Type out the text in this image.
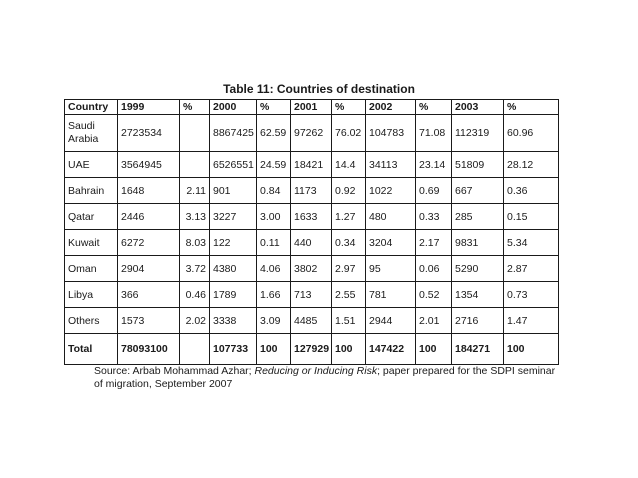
Table 11: Countries of destination
Country	1999	%	2000	%	2001	%	2002	%	2003	%
Saudi Arabia	2723534		8867425	62.59	97262	76.02	104783	71.08	112319	60.96
UAE	3564945		6526551	24.59	18421	14.4	34113	23.14	51809	28.12
Bahrain	1648	2.11	901	0.84	1173	0.92	1022	0.69	667	0.36
Qatar	2446	3.13	3227	3.00	1633	1.27	480	0.33	285	0.15
Kuwait	6272	8.03	122	0.11	440	0.34	3204	2.17	9831	5.34
Oman	2904	3.72	4380	4.06	3802	2.97	95	0.06	5290	2.87
Libya	366	0.46	1789	1.66	713	2.55	781	0.52	1354	0.73
Others	1573	2.02	3338	3.09	4485	1.51	2944	2.01	2716	1.47
Total	78093100		107733	100	127929	100	147422	100	184271	100
Source: Arbab Mohammad Azhar; Reducing or Inducing Risk; paper prepared for the SDPI seminar of migration, September 2007
